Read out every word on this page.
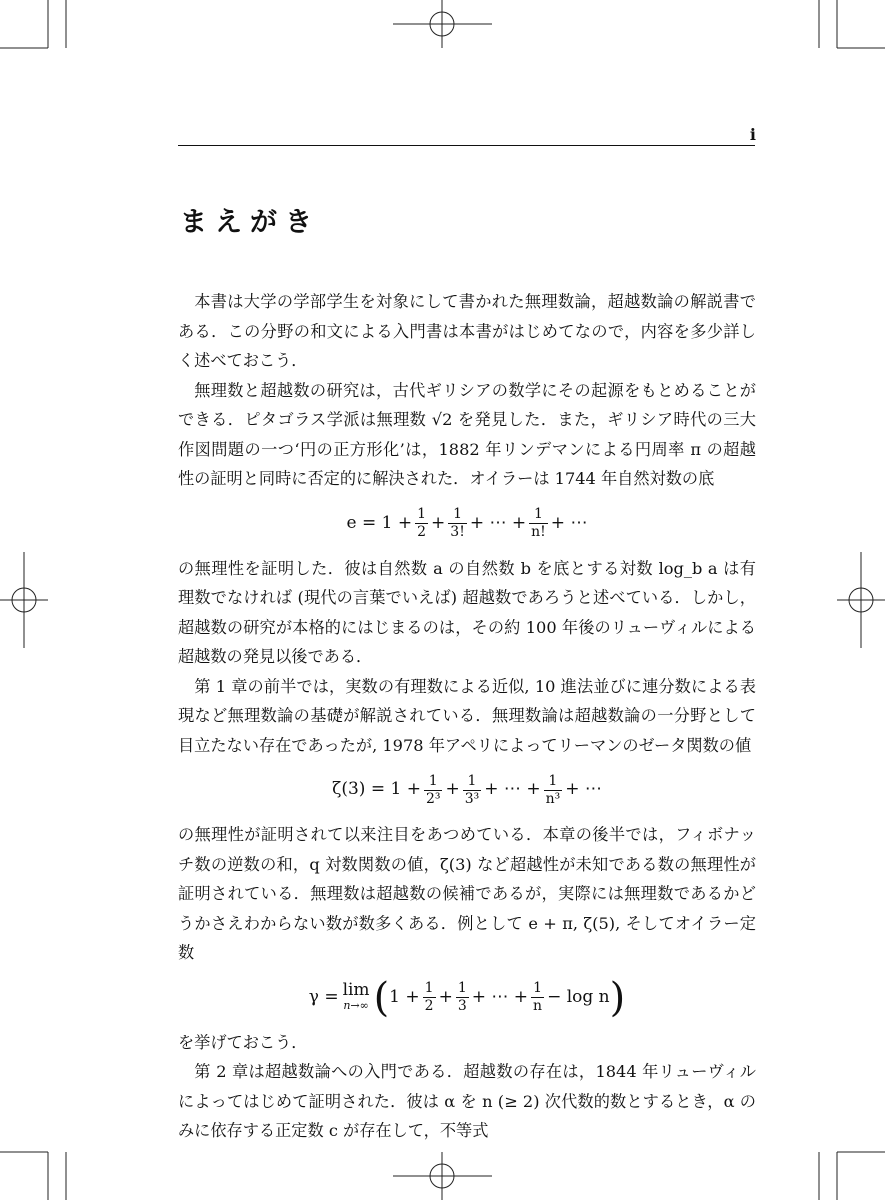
i
まえがき

本書は大学の学部学生を対象にして書かれた無理数論，超越数論の解説書である．この分野の和文による入門書は本書がはじめてなので，内容を多少詳しく述べておこう．

無理数と超越数の研究は，古代ギリシアの数学にその起源をもとめることができる．ピタゴラス学派は無理数 √2 を発見した．また，ギリシア時代の三大作図問題の一つ‘円の正方形化’は，1882 年リンデマンによる円周率 π の超越性の証明と同時に否定的に解決された．オイラーは 1744 年自然対数の底

$e = 1 + \frac{1}{2} + \frac{1}{3!}$ + ⋯ + $\frac{1}{n!}$ + ⋯

の無理性を証明した．彼は自然数 a の自然数 b を底とする対数 log_b a は有理数でなければ (現代の言葉でいえば) 超越数であろうと述べている．しかし，超越数の研究が本格的にはじまるのは，その約 100 年後のリューヴィルによる超越数の発見以後である．

第 1 章の前半では，実数の有理数による近似, 10 進法並びに連分数による表現など無理数論の基礎が解説されている．無理数論は超越数論の一分野として目立たない存在であったが, 1978 年アペリによってリーマンのゼータ関数の値

$\zeta(3) = 1 + \frac{1}{\text{2³}} + \frac{1}{\text{3³}}$ + ⋯ + $\frac{1}{\text{n³}}$ + ⋯

の無理性が証明されて以来注目をあつめている．本章の後半では，フィボナッチ数の逆数の和，q 対数関数の値，ζ(3) など超越性が未知である数の無理性が証明されている．無理数は超越数の候補であるが，実際には無理数であるかどうかさえわからない数が数多くある．例として e + π, ζ(5), そしてオイラー定数

γ = lim
n→∞ ( $1 + \frac{1}{2} + \frac{1}{3}$ + ⋯ + $\frac{1}{n} - \log n$ )

を挙げておこう．

第 2 章は超越数論への入門である．超越数の存在は，1844 年リューヴィルによってはじめて証明された．彼は α を n (≥ 2) 次代数的数とするとき，α のみに依存する正定数 c が存在して，不等式
